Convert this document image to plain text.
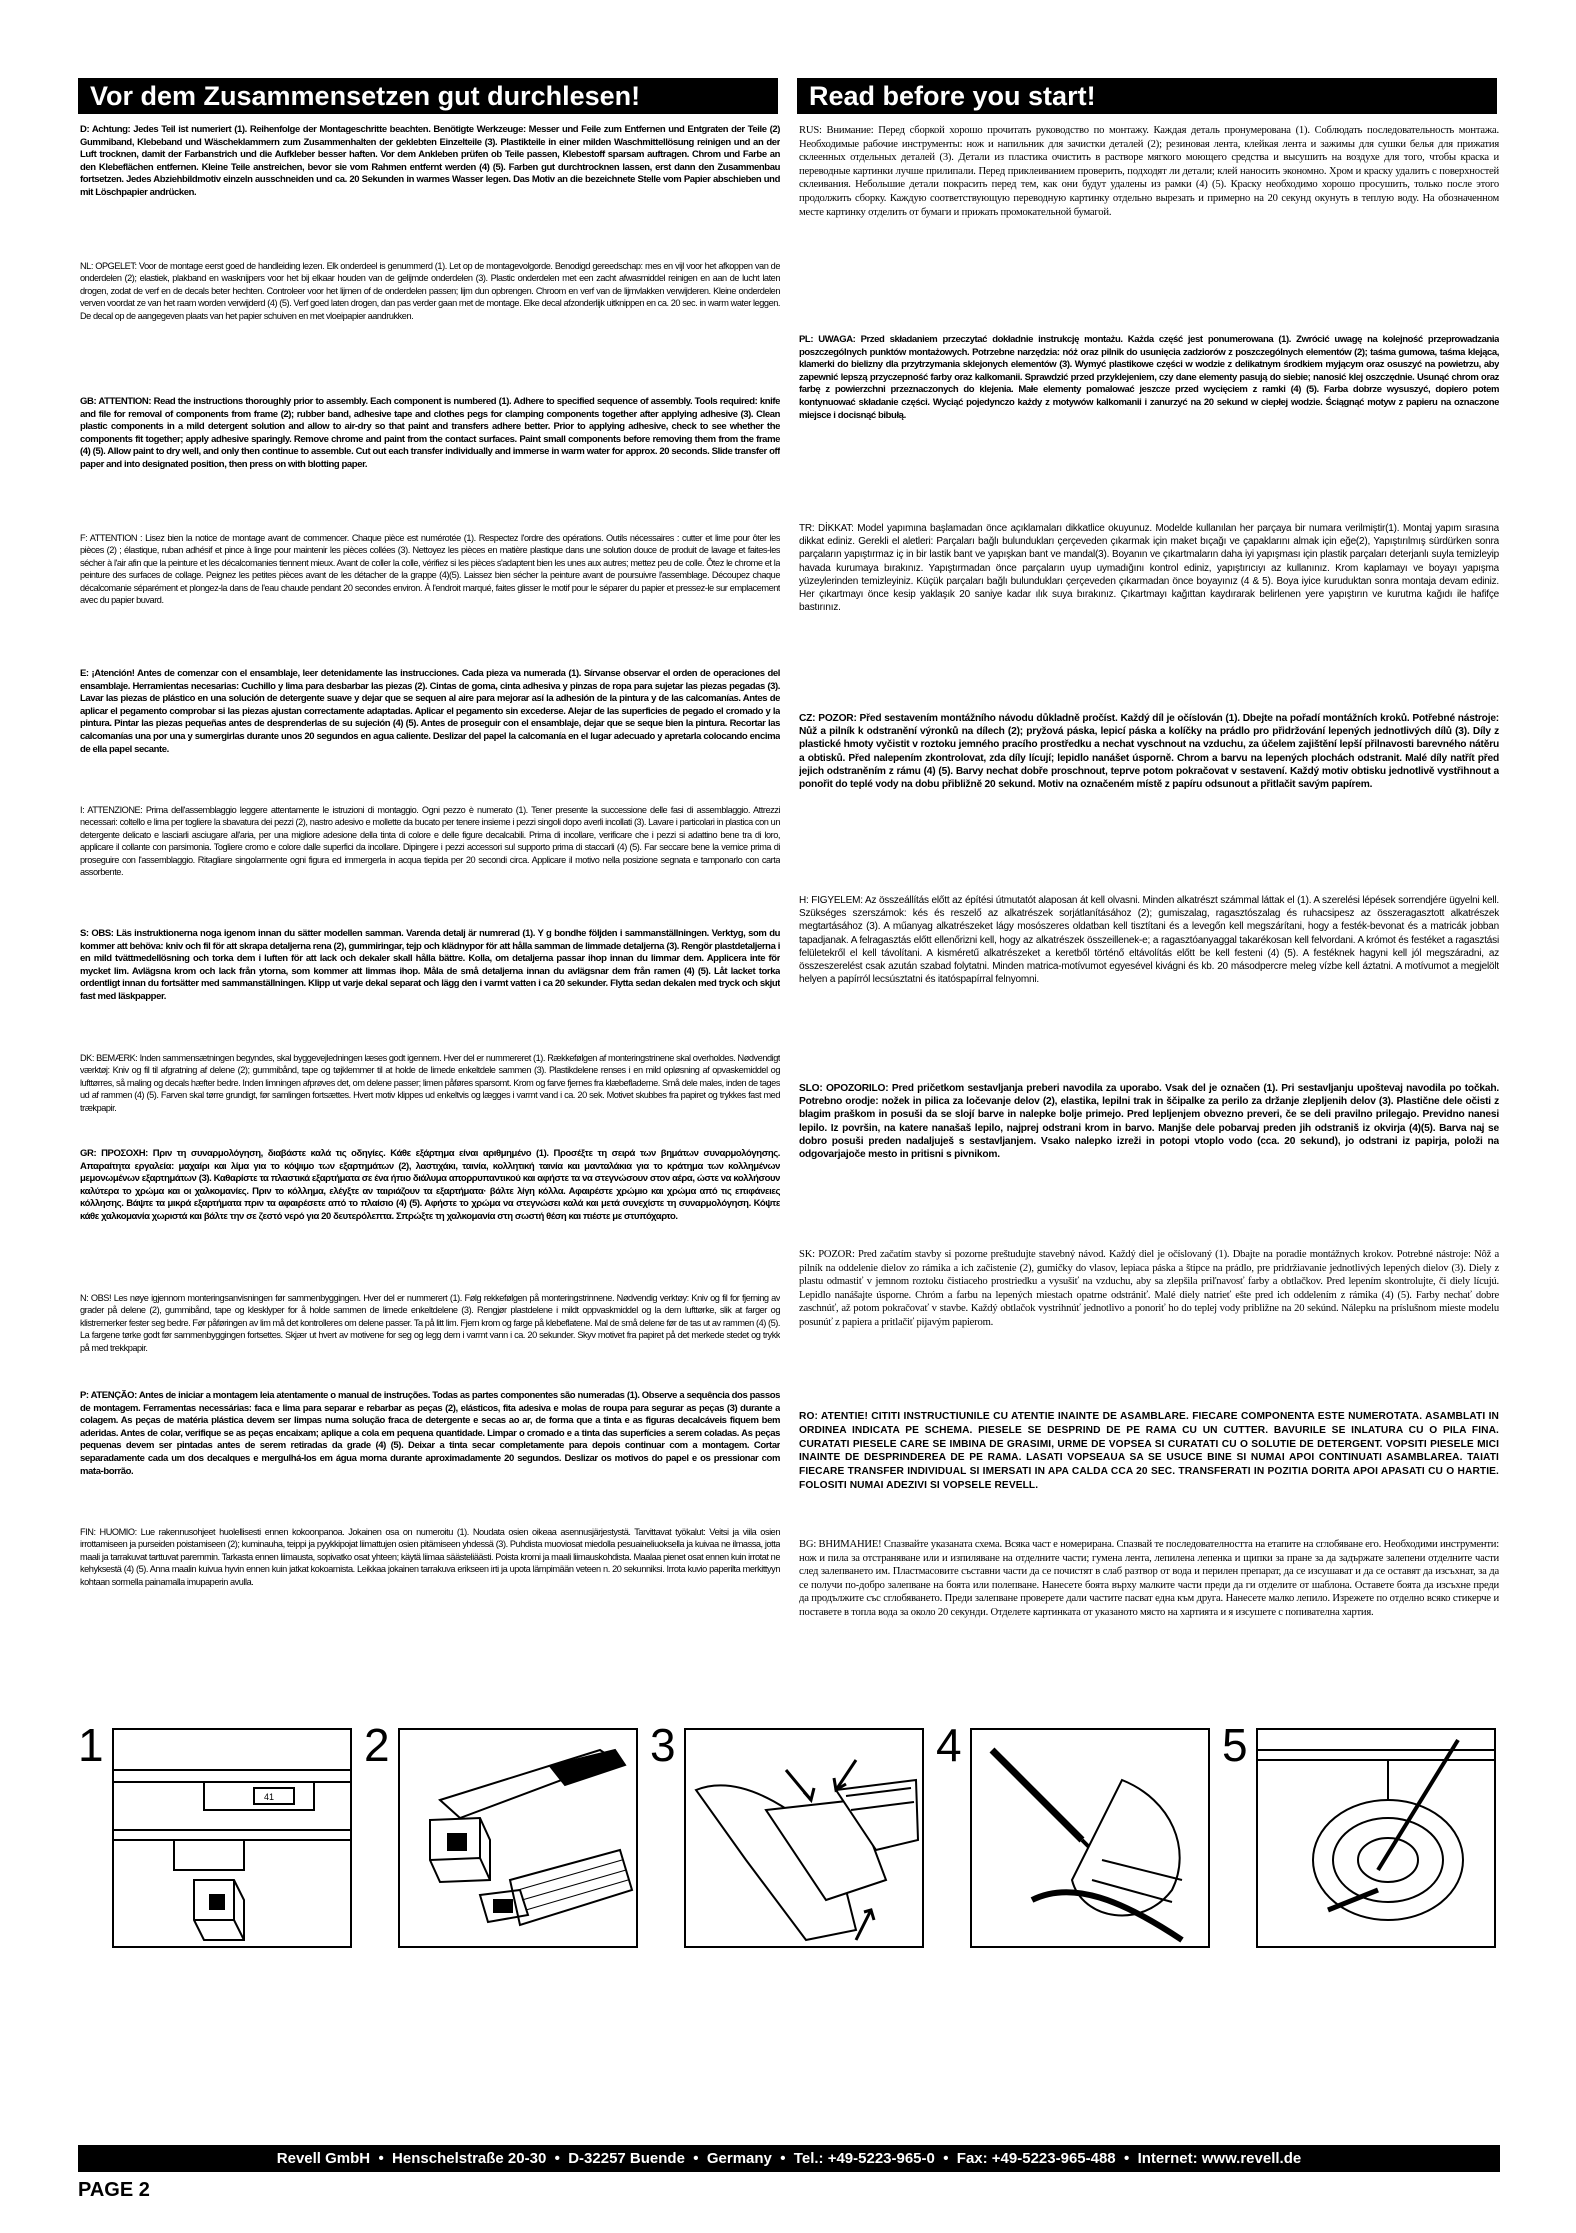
Vor dem Zusammensetzen gut durchlesen!	Read before you start!

D: Achtung: Jedes Teil ist numeriert (1). Reihenfolge der Montageschritte beachten. Benötigte Werkzeuge: Messer und Feile zum Entfernen und Entgraten der Teile (2) Gummiband, Klebeband und Wäscheklammern zum Zusammenhalten der geklebten Einzelteile (3). Plastikteile in einer milden Waschmittellösung reinigen und an der Luft trocknen, damit der Farbanstrich und die Aufkleber besser haften. Vor dem Ankleben prüfen ob Teile passen, Klebestoff sparsam auftragen. Chrom und Farbe an den Klebeflächen entfernen. Kleine Teile anstreichen, bevor sie vom Rahmen entfernt werden (4) (5). Farben gut durchtrocknen lassen, erst dann den Zusammenbau fortsetzen. Jedes Abziehbildmotiv einzeln ausschneiden und ca. 20 Sekunden in warmes Wasser legen. Das Motiv an die bezeichnete Stelle vom Papier abschieben und mit Löschpapier andrücken.

NL: OPGELET: Voor de montage eerst goed de handleiding lezen. Elk onderdeel is genummerd (1). Let op de montagevolgorde. Benodigd gereedschap: mes en vijl voor het afkoppen van de onderdelen (2); elastiek, plakband en wasknijpers voor het bij elkaar houden van de gelijmde onderdelen (3). Plastic onderdelen met een zacht afwasmiddel reinigen en aan de lucht laten drogen, zodat de verf en de decals beter hechten. Controleer voor het lijmen of de onderdelen passen; lijm dun opbrengen. Chroom en verf van de lijmvlakken verwijderen. Kleine onderdelen verven voordat ze van het raam worden verwijderd (4) (5). Verf goed laten drogen, dan pas verder gaan met de montage. Elke decal afzonderlijk uitknippen en ca. 20 sec. in warm water leggen. De decal op de aangegeven plaats van het papier schuiven en met vloeipapier aandrukken.

GB: ATTENTION: Read the instructions thoroughly prior to assembly. Each component is numbered (1). Adhere to specified sequence of assembly. Tools required: knife and file for removal of components from frame (2); rubber band, adhesive tape and clothes pegs for clamping components together after applying adhesive (3). Clean plastic components in a mild detergent solution and allow to air-dry so that paint and transfers adhere better. Prior to applying adhesive, check to see whether the components fit together; apply adhesive sparingly. Remove chrome and paint from the contact surfaces. Paint small components before removing them from the frame (4) (5). Allow paint to dry well, and only then continue to assemble. Cut out each transfer individually and immerse in warm water for approx. 20 seconds. Slide transfer off paper and into designated position, then press on with blotting paper.

F: ATTENTION : Lisez bien la notice de montage avant de commencer. Chaque pièce est numérotée (1). Respectez l'ordre des opérations. Outils nécessaires : cutter et lime pour ôter les pièces (2) ; élastique, ruban adhésif et pince à linge pour maintenir les pièces collées (3). Nettoyez les pièces en matière plastique dans une solution douce de produit de lavage et faites-les sécher à l'air afin que la peinture et les décalcomanies tiennent mieux. Avant de coller la colle, vérifiez si les pièces s'adaptent bien les unes aux autres; mettez peu de colle. Ôtez le chrome et la peinture des surfaces de collage. Peignez les petites pièces avant de les détacher de la grappe (4)(5). Laissez bien sécher la peinture avant de poursuivre l'assemblage. Découpez chaque décalcomanie séparément et plongez-la dans de l'eau chaude pendant 20 secondes environ. À l'endroit marqué, faites glisser le motif pour le séparer du papier et pressez-le sur emplacement avec du papier buvard.

E: ¡Atención! Antes de comenzar con el ensamblaje, leer detenidamente las instrucciones. Cada pieza va numerada (1). Sírvanse observar el orden de operaciones del ensamblaje. Herramientas necesarias: Cuchillo y lima para desbarbar las piezas (2). Cintas de goma, cinta adhesiva y pinzas de ropa para sujetar las piezas pegadas (3). Lavar las piezas de plástico en una solución de detergente suave y dejar que se sequen al aire para mejorar así la adhesión de la pintura y de las calcomanías. Antes de aplicar el pegamento comprobar si las piezas ajustan correctamente adaptadas. Aplicar el pegamento sin excederse. Alejar de las superficies de pegado el cromado y la pintura. Pintar las piezas pequeñas antes de desprenderlas de su sujeción (4) (5). Antes de proseguir con el ensamblaje, dejar que se seque bien la pintura. Recortar las calcomanías una por una y sumergirlas durante unos 20 segundos en agua caliente. Deslizar del papel la calcomanía en el lugar adecuado y apretarla colocando encima de ella papel secante.

I: ATTENZIONE: Prima dell'assemblaggio leggere attentamente le istruzioni di montaggio. Ogni pezzo è numerato (1). Tener presente la successione delle fasi di assemblaggio. Attrezzi necessari: coltello e lima per togliere la sbavatura dei pezzi (2), nastro adesivo e mollette da bucato per tenere insieme i pezzi singoli dopo averli incollati (3). Lavare i particolari in plastica con un detergente delicato e lasciarli asciugare all'aria, per una migliore adesione della tinta di colore e delle figure decalcabili. Prima di incollare, verificare che i pezzi si adattino bene tra di loro, applicare il collante con parsimonia. Togliere cromo e colore dalle superfici da incollare. Dipingere i pezzi accessori sul supporto prima di staccarli (4) (5). Far seccare bene la vernice prima di proseguire con l'assemblaggio. Ritagliare singolarmente ogni figura ed immergerla in acqua tiepida per 20 secondi circa. Applicare il motivo nella posizione segnata e tamponarlo con carta assorbente.

S: OBS: Läs instruktionerna noga igenom innan du sätter modellen samman. Varenda detalj är numrerad (1). Y g bondhe följden i sammanställningen. Verktyg, som du kommer att behöva: kniv och fil för att skrapa detaljerna rena (2), gummiringar, tejp och klädnypor för att hålla samman de limmade detaljerna (3). Rengör plastdetaljerna i en mild tvättmedellösning och torka dem i luften för att lack och dekaler skall hålla bättre. Kolla, om detaljerna passar ihop innan du limmar dem. Applicera inte för mycket lim. Avlägsna krom och lack från ytorna, som kommer att limmas ihop. Måla de små detaljerna innan du avlägsnar dem från ramen (4) (5). Låt lacket torka ordentligt innan du fortsätter med sammanställningen. Klipp ut varje dekal separat och lägg den i varmt vatten i ca 20 sekunder. Flytta sedan dekalen med tryck och skjut fast med läskpapper.

DK: BEMÆRK: Inden sammensætningen begyndes, skal byggevejledningen læses godt igennem. Hver del er nummereret (1). Rækkefølgen af monteringstrinene skal overholdes. Nødvendigt værktøj: Kniv og fil til afgratning af delene (2); gummibånd, tape og tøjklemmer til at holde de limede enkeltdele sammen (3). Plastikdelene renses i en mild opløsning af opvaskemiddel og lufttørres, så maling og decals hæfter bedre. Inden limningen afprøves det, om delene passer; limen påføres sparsomt. Krom og farve fjernes fra klæbefladerne. Små dele males, inden de tages ud af rammen (4) (5). Farven skal tørre grundigt, før samlingen fortsættes. Hvert motiv klippes ud enkeltvis og lægges i varmt vand i ca. 20 sek. Motivet skubbes fra papiret og trykkes fast med trækpapir.

GR: ΠΡΟΣΟΧΗ: Πριν τη συναρμολόγηση, διαβάστε καλά τις οδηγίες. Κάθε εξάρτημα είναι αριθμημένο (1). Προσέξτε τη σειρά των βημάτων συναρμολόγησης. Απαραίτητα εργαλεία: μαχαίρι και λίμα για το κόψιμο των εξαρτημάτων (2), λαστιχάκι, ταινία, κολλητική ταινία και μανταλάκια για το κράτημα των κολλημένων μεμονωμένων εξαρτημάτων (3). Καθαρίστε τα πλαστικά εξαρτήματα σε ένα ήπιο διάλυμα απορρυπαντικού και αφήστε τα να στεγνώσουν στον αέρα, ώστε να κολλήσουν καλύτερα το χρώμα και οι χαλκομανίες. Πριν το κόλλημα, ελέγξτε αν ταιριάζουν τα εξαρτήματα· βάλτε λίγη κόλλα. Αφαιρέστε χρώμιο και χρώμα από τις επιφάνειες κόλλησης. Βάψτε τα μικρά εξαρτήματα πριν τα αφαιρέσετε από το πλαίσιο (4) (5). Αφήστε το χρώμα να στεγνώσει καλά και μετά συνεχίστε τη συναρμολόγηση. Κόψτε κάθε χαλκομανία χωριστά και βάλτε την σε ζεστό νερό για 20 δευτερόλεπτα. Σπρώξτε τη χαλκομανία στη σωστή θέση και πιέστε με στυπόχαρτο.

N: OBS! Les nøye igjennom monteringsanvisningen før sammenbyggingen. Hver del er nummerert (1). Følg rekkefølgen på monteringstrinnene. Nødvendig verktøy: Kniv og fil for fjerning av grader på delene (2), gummibånd, tape og klesklyper for å holde sammen de limede enkeltdelene (3). Rengjør plastdelene i mildt oppvaskmiddel og la dem lufttørke, slik at farger og klistremerker fester seg bedre. Før påføringen av lim må det kontrolleres om delene passer. Ta på litt lim. Fjern krom og farge på klebeflatene. Mal de små delene før de tas ut av rammen (4) (5). La fargene tørke godt før sammenbyggingen fortsettes. Skjær ut hvert av motivene for seg og legg dem i varmt vann i ca. 20 sekunder. Skyv motivet fra papiret på det merkede stedet og trykk på med trekkpapir.

P: ATENÇÃO: Antes de iniciar a montagem leia atentamente o manual de instruções. Todas as partes componentes são numeradas (1). Observe a sequência dos passos de montagem. Ferramentas necessárias: faca e lima para separar e rebarbar as peças (2), elásticos, fita adesiva e molas de roupa para segurar as peças (3) durante a colagem. As peças de matéria plástica devem ser limpas numa solução fraca de detergente e secas ao ar, de forma que a tinta e as figuras decalcáveis fiquem bem aderidas. Antes de colar, verifique se as peças encaixam; aplique a cola em pequena quantidade. Limpar o cromado e a tinta das superfícies a serem coladas. As peças pequenas devem ser pintadas antes de serem retiradas da grade (4) (5). Deixar a tinta secar completamente para depois continuar com a montagem. Cortar separadamente cada um dos decalques e mergulhá-los em água morna durante aproximadamente 20 segundos. Deslizar os motivos do papel e os pressionar com mata-borrão.

FIN: HUOMIO: Lue rakennusohjeet huolellisesti ennen kokoonpanoa. Jokainen osa on numeroitu (1). Noudata osien oikeaa asennusjärjestystä. Tarvittavat työkalut: Veitsi ja viila osien irrottamiseen ja purseiden poistamiseen (2); kuminauha, teippi ja pyykkipojat liimattujen osien pitämiseen yhdessä (3). Puhdista muoviosat miedolla pesuaineliuoksella ja kuivaa ne ilmassa, jotta maali ja tarrakuvat tarttuvat paremmin. Tarkasta ennen liimausta, sopivatko osat yhteen; käytä liimaa säästeliäästi. Poista kromi ja maali liimauskohdista. Maalaa pienet osat ennen kuin irrotat ne kehyksestä (4) (5). Anna maalin kuivua hyvin ennen kuin jatkat kokoamista. Leikkaa jokainen tarrakuva erikseen irti ja upota lämpimään veteen n. 20 sekunniksi. Irrota kuvio paperilta merkittyyn kohtaan sormella painamalla imupaperin avulla.

RUS: Внимание: Перед сборкой хорошо прочитать руководство по монтажу. Каждая деталь пронумерована (1). Соблюдать последовательность монтажа. Необходимые рабочие инструменты: нож и напильник для зачистки деталей (2); резиновая лента, клейкая лента и зажимы для сушки белья для прижатия склеенных отдельных деталей (3). Детали из пластика очистить в растворе мягкого моющего средства и высушить на воздухе для того, чтобы краска и переводные картинки лучше прилипали. Перед приклеиванием проверить, подходят ли детали; клей наносить экономно. Хром и краску удалить с поверхностей склеивания. Небольшие детали покрасить перед тем, как они будут удалены из рамки (4) (5). Краску необходимо хорошо просушить, только после этого продолжить сборку. Каждую соответствующую переводную картинку отдельно вырезать и примерно на 20 секунд окунуть в теплую воду. На обозначенном месте картинку отделить от бумаги и прижать промокательной бумагой.

PL: UWAGA: Przed składaniem przeczytać dokładnie instrukcję montażu. Każda część jest ponumerowana (1). Zwrócić uwagę na kolejność przeprowadzania poszczególnych punktów montażowych. Potrzebne narzędzia: nóż oraz pilnik do usunięcia zadziorów z poszczególnych elementów (2); taśma gumowa, taśma klejąca, klamerki do bielizny dla przytrzymania sklejonych elementów (3). Wymyć plastikowe części w wodzie z delikatnym środkiem myjącym oraz osuszyć na powietrzu, aby zapewnić lepszą przyczepność farby oraz kalkomanii. Sprawdzić przed przyklejeniem, czy dane elementy pasują do siebie; nanosić klej oszczędnie. Usunąć chrom oraz farbę z powierzchni przeznaczonych do klejenia. Małe elementy pomalować jeszcze przed wycięciem z ramki (4) (5). Farba dobrze wysuszyć, dopiero potem kontynuować składanie części. Wyciąć pojedynczo każdy z motywów kalkomanii i zanurzyć na 20 sekund w ciepłej wodzie. Ściągnąć motyw z papieru na oznaczone miejsce i docisnąć bibułą.

TR: DİKKAT: Model yapımına başlamadan önce açıklamaları dikkatlice okuyunuz. Modelde kullanılan her parçaya bir numara verilmiştir(1). Montaj yapım sırasına dikkat ediniz. Gerekli el aletleri: Parçaları bağlı bulundukları çerçeveden çıkarmak için maket bıçağı ve çapaklarını almak için eğe(2), Yapıştırılmış sürdürken sonra parçaların yapıştırmaz iç in bir lastik bant ve yapışkan bant ve mandal(3). Boyanın ve çıkartmaların daha iyi yapışması için plastik parçaları deterjanlı suyla temizleyip havada kurumaya bırakınız. Yapıştırmadan önce parçaların uyup uymadığını kontrol ediniz, yapıştırıcıyı az kullanınız. Krom kaplamayı ve boyayı yapışma yüzeylerinden temizleyiniz. Küçük parçaları bağlı bulundukları çerçeveden çıkarmadan önce boyayınız (4 & 5). Boya iyice kuruduktan sonra montaja devam ediniz. Her çıkartmayı önce kesip yaklaşık 20 saniye kadar ılık suya bırakınız. Çıkartmayı kağıttan kaydırarak belirlenen yere yapıştırın ve kurutma kağıdı ile hafifçe bastırınız.

CZ: POZOR: Před sestavením montážního návodu důkladně pročíst. Každý díl je očíslován (1). Dbejte na pořadí montážních kroků. Potřebné nástroje: Nůž a pilník k odstranění výronků na dílech (2); pryžová páska, lepicí páska a kolíčky na prádlo pro přidržování lepených jednotlivých dílů (3). Díly z plastické hmoty vyčistit v roztoku jemného pracího prostředku a nechat vyschnout na vzduchu, za účelem zajištění lepší přilnavosti barevného nátěru a obtisků. Před nalepením zkontrolovat, zda díly lícují; lepidlo nanášet úsporně. Chrom a barvu na lepených plochách odstranit. Malé díly natřít před jejich odstraněním z rámu (4) (5). Barvy nechat dobře proschnout, teprve potom pokračovat v sestavení. Každý motiv obtisku jednotlivě vystřihnout a ponořit do teplé vody na dobu přibližně 20 sekund. Motiv na označeném místě z papíru odsunout a přitlačit savým papírem.

H: FIGYELEM: Az összeállítás előtt az építési útmutatót alaposan át kell olvasni. Minden alkatrészt számmal láttak el (1). A szerelési lépések sorrendjére ügyelni kell. Szükséges szerszámok: kés és reszelő az alkatrészek sorjátlanításához (2); gumiszalag, ragasztószalag és ruhacsipesz az összeragasztott alkatrészek megtartásához (3). A műanyag alkatrészeket lágy mosószeres oldatban kell tisztítani és a levegőn kell megszárítani, hogy a festék-bevonat és a matricák jobban tapadjanak. A felragasztás előtt ellenőrizni kell, hogy az alkatrészek összeillenek-e; a ragasztóanyaggal takarékosan kell felvordani. A krómot és festéket a ragasztási felületekről el kell távolítani. A kisméretű alkatrészeket a keretből történő eltávolítás előtt be kell festeni (4) (5). A festéknek hagyni kell jól megszáradni, az összeszerelést csak azután szabad folytatni. Minden matrica-motívumot egyesével kivágni és kb. 20 másodpercre meleg vízbe kell áztatni. A motívumot a megjelölt helyen a papírról lecsúsztatni és itatóspapírral felnyomni.

SLO: OPOZORILO: Pred pričetkom sestavljanja preberi navodila za uporabo. Vsak del je označen (1). Pri sestavljanju upoštevaj navodila po točkah. Potrebno orodje: nožek in pilica za ločevanje delov (2), elastika, lepilni trak in ščipalke za perilo za držanje zlepljenih delov (3). Plastične dele očisti z blagim praškom in posuši da se slojí barve in nalepke bolje primejo. Pred lepljenjem obvezno preveri, če se deli pravilno prilegajo. Previdno nanesi lepilo. Iz površin, na katere nanašaš lepilo, najprej odstrani krom in barvo. Manjše dele pobarvaj preden jih odstraniš iz okvirja (4)(5). Barva naj se dobro posuši preden nadaljuješ s sestavljanjem. Vsako nalepko izreži in potopi vtoplo vodo (cca. 20 sekund), jo odstrani iz papirja, položi na odgovarjajoče mesto in pritisni s pivnikom.

SK: POZOR: Pred začatím stavby si pozorne preštudujte stavebný návod. Každý diel je očíslovaný (1). Dbajte na poradie montážnych krokov. Potrebné nástroje: Nôž a pilník na oddelenie dielov zo rámika a ich začistenie (2), gumičky do vlasov, lepiaca páska a štipce na prádlo, pre pridržiavanie jednotlivých lepených dielov (3). Diely z plastu odmastiť v jemnom roztoku čistiaceho prostriedku a vysušiť na vzduchu, aby sa zlepšila priľnavosť farby a obtlačkov. Pred lepením skontrolujte, či diely lícujú. Lepidlo nanášajte úsporne. Chróm a farbu na lepených miestach opatrne odstrániť. Malé diely natrieť ešte pred ich oddelením z rámika (4) (5). Farby nechať dobre zaschnúť, až potom pokračovať v stavbe. Každý obtlačok vystrihnúť jednotlivo a ponoriť ho do teplej vody približne na 20 sekúnd. Nálepku na príslušnom mieste modelu posunúť z papiera a pritlačiť pijavým papierom.

RO: ATENTIE! CITITI INSTRUCTIUNILE CU ATENTIE INAINTE DE ASAMBLARE. FIECARE COMPONENTA ESTE NUMEROTATA. ASAMBLATI IN ORDINEA INDICATA PE SCHEMA. PIESELE SE DESPRIND DE PE RAMA CU UN CUTTER. BAVURILE SE INLATURA CU O PILA FINA. CURATATI PIESELE CARE SE IMBINA DE GRASIMI, URME DE VOPSEA SI CURATATI CU O SOLUTIE DE DETERGENT. VOPSITI PIESELE MICI INAINTE DE DESPRINDEREA DE PE RAMA. LASATI VOPSEAUA SA SE USUCE BINE SI NUMAI APOI CONTINUATI ASAMBLAREA. TAIATI FIECARE TRANSFER INDIVIDUAL SI IMERSATI IN APA CALDA CCA 20 SEC. TRANSFERATI IN POZITIA DORITA APOI APASATI CU O HARTIE. FOLOSITI NUMAI ADEZIVI SI VOPSELE REVELL.

BG: ВНИМАНИЕ! Спазвайте указаната схема. Всяка част е номерирана. Спазвай те последователността на етапите на сглобяване его. Необходими инструменти: нож и пила за отстраняване или и изпиляване на отделните части; гумена лента, лепилена лепенка и щипки за пране за да задържате залепени отделните части след залепването им. Пластмасовите съставни части да се почистят в слаб разтвор от вода и перилен препарат, да се изсушават и да се оставят да изсъхнат, за да се получи по-добро залепване на боята или полепване. Нанесете боята върху малките части преди да ги отделите от шаблона. Оставете боята да изсъхне преди да продължите със сглобяването. Преди залепване проверете дали частите пасват една към друга. Нанесете малко лепило. Изрежете по отделно всяко стикерче и поставете в топла вода за около 20 секунди. Отделете картинката от указаното място на хартията и я изсушете с попивателна хартия.

1
41
2	3	4	5
Revell GmbH  •  Henschelstraße 20-30  •  D-32257 Buende  •  Germany  •  Tel.: +49-5223-965-0  •  Fax: +49-5223-965-488  •  Internet: www.revell.de
PAGE 2
